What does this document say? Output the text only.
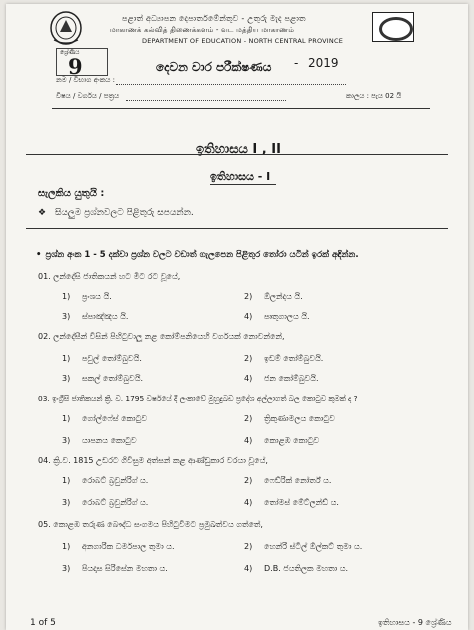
පළාත් අධ්‍යාපන දෙපාර්තමේන්තුව - උතුරු මැද පළාත
மாகாணக் கல்வித் திணைக்களம் - வட மத்திய மாகாணம்
DEPARTMENT OF EDUCATION - NORTH CENTRAL PROVINCE
ශ්‍රේණිය
9	දෙවන වාර පරීක්ෂණය - 2019
නම / විභාග අංකය :
විෂය / වර්ගය / පත්‍රය	කාලය : පැය 02 යි
ඉතිහාසය I , II
ඉතිහාසය - I
සැලකිය යුතුයි :
❖ සියලුම ප්‍රශ්නවලට පිළිතුරු සපයන්න.
• ප්‍රශ්න අංක 1 - 5 දක්වා ප්‍රශ්න වලට වඩාත් ගැලපෙන පිළිතුර තෝරා යටින් ඉරක් අඳින්න.
01. ලන්දේසි ජාතිකයන් හට මිට රට වූයේ,
1) ප්‍රංශය යි.	2) ඕලන්දය යි.
3) ස්පාඤ්ඤය යි.	4) පෘතුගාලය යි.
02. ලන්දේසීන් විසින් පිහිටුවාලූ නළ කෝම්පනියෙහි වර්ගයක් නොවන්නේ,
1) පවුල් තෝම්බුවයි.	2) ඉඩම් තෝම්බුවයි.
3) සකල් තෝම්බුවයි.	4) ජන කෝම්බුවයි.
03. ඉංග්‍රීසි ජාතිකයන් ක්‍රි. ව. 1795 වර්ෂයේ දී ලංකාවේ මුහුදුබඩ ප්‍රදේශ අල්ලාගත් බල කොටුව කුමක් ද ?
1) ගෝල්ෆේස් කොටුව	2) ත්‍රිකුණාමලය කොටුව
3) යාපනය කොටුව	4) කොළඹ කොටුව
04. ක්‍රි.ව. 1815 උඩරට ගිවිසුම අත්සන් කළ ආණ්ඩුකාර වරයා වූයේ,
1) රොබට් බ්‍රවුන්රිග් ය.	2) ෆෙඩ්රික් නෝර්ත් ය.
3) රොබට් බ්‍රවුන්රිග් ය.	4) තෝමස් මේට්ලන්ඩ් ය.
05. කොළඹ තරුණ බෞද්ධ සංගමය පිහිටුවීමට ප්‍රමුඛත්වය ගත්තේ,
1) අනගාරික ධර්මපාල තුමා ය.	2) හෙන්රි ස්ටීල් ඕල්කට් තුමා ය.
3) පියදාස සිරිසේන මහතා ය.	4) D.B. ජයතිලක මහතා ය.
1 of 5	ඉතිහාසය - 9 ශ්‍රේණිය
